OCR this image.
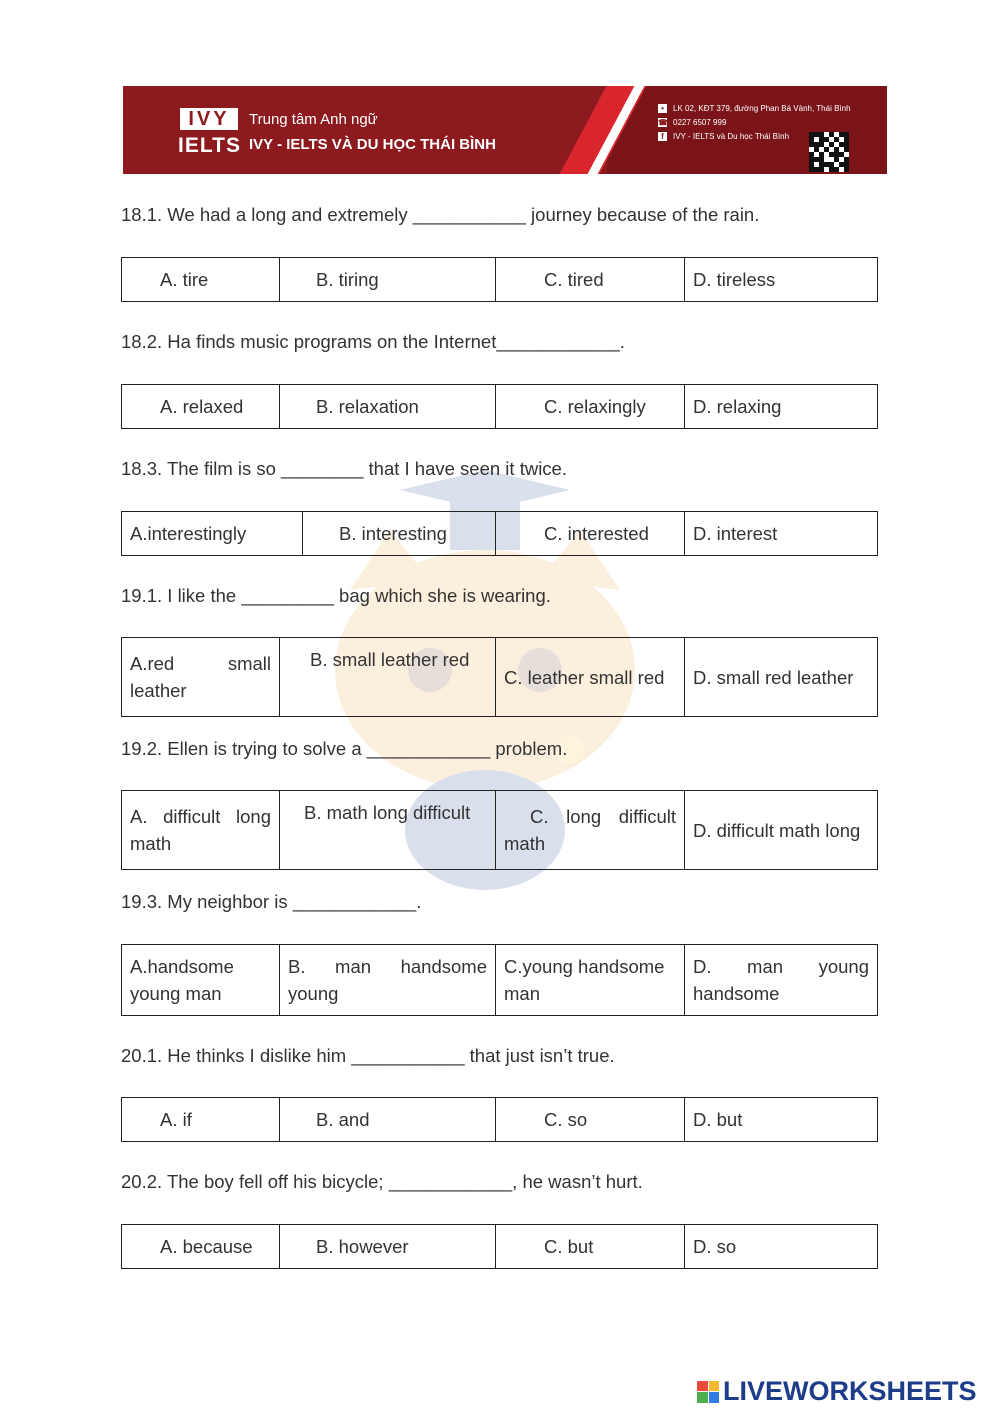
IVY
IELTS
Trung tâm Anh ngữ
IVY - IELTS VÀ DU HỌC THÁI BÌNH
•	LK 02, KĐT 379, đường Phan Bá Vành, Thái Bình
☎ 0227 6507 999
f	IVY - IELTS và Du học Thái Bình
18.1. We had a long and extremely ___________ journey because of the rain.
A. tire	B. tiring	C. tired	D. tireless
18.2. Ha finds music programs on the Internet____________.
A. relaxed	B. relaxation	C. relaxingly	D. relaxing
18.3. The film is so ________ that I have seen it twice.
A.interestingly	B. interesting	C. interested	D. interest
19.1. I like the _________ bag which she is wearing.
A.red small leather	B. small leather red	C. leather small red	D. small red leather
19.2. Ellen is trying to solve a ____________ problem.
A. difficult long math	B. math long difficult	C. long difficult math	D. difficult math long
19.3. My neighbor is ____________.
A.handsome young man	B. man handsome young	C.young handsome man	D. man young handsome
20.1. He thinks I dislike him ___________ that just isn’t true.
A. if	B. and	C. so	D. but
20.2. The boy fell off his bicycle; ____________, he wasn’t hurt.
A. because	B. however	C. but	D. so
LIVEWORKSHEETS
